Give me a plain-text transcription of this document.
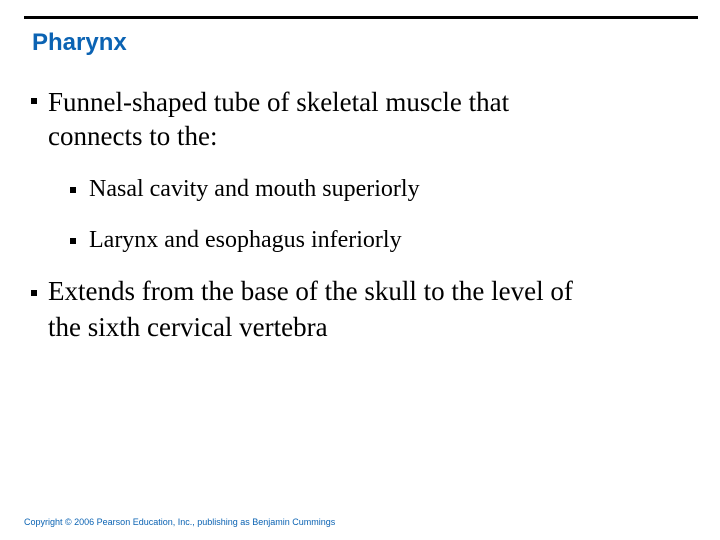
Pharynx
Funnel-shaped tube of skeletal muscle that
connects to the:
Nasal cavity and mouth superiorly
Larynx and esophagus inferiorly
Extends from the base of the skull to the level of
the sixth cervical vertebra
Copyright © 2006 Pearson Education, Inc., publishing as Benjamin Cummings
